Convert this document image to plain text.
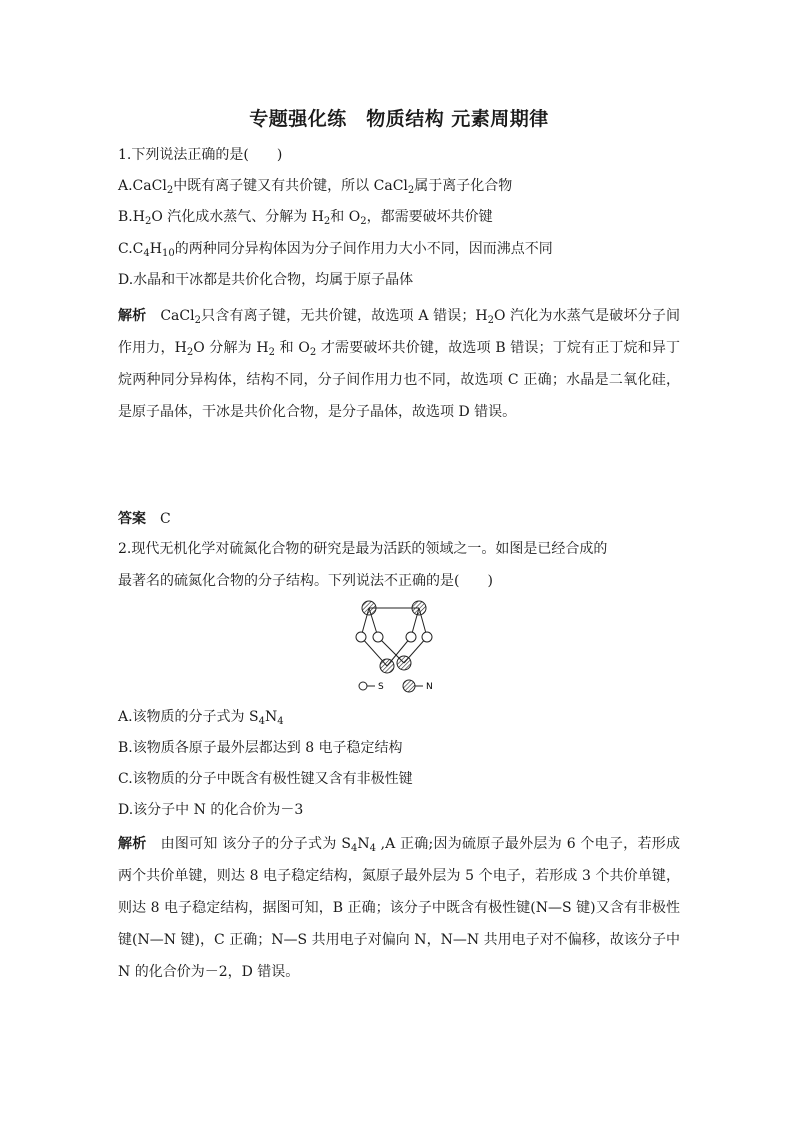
专题强化练　物质结构 元素周期律
1.下列说法正确的是(　　)
A.CaCl$_2$中既有离子键又有共价键，所以 CaCl$_2$属于离子化合物
$B.H_2O$ 汽化成水蒸气、分解为 $H_2$和 $O_2$，都需要破坏共价键
$C.C_4H_{10}$的两种同分异构体因为分子间作用力大小不同，因而沸点不同
D.水晶和干冰都是共价化合物，均属于原子晶体
解析 CaCl$_2$只含有离子键，无共价键，故选项 A 错误；$H_2O$ 汽化为水蒸气是破坏分子间作用力，$H_2O$ 分解为 $H_2$ 和 $O_2$ 才需要破坏共价键，故选项 B 错误；丁烷有正丁烷和异丁烷两种同分异构体，结构不同，分子间作用力也不同，故选项 C 正确；水晶是二氧化硅，是原子晶体，干冰是共价化合物，是分子晶体，故选项 D 错误。
答案 C
2.现代无机化学对硫氮化合物的研究是最为活跃的领域之一。如图是已经合成的
最著名的硫氮化合物的分子结构。下列说法不正确的是(　　)
S	N
A.该物质的分子式为 $S_4N_4$
B.该物质各原子最外层都达到 8 电子稳定结构
C.该物质的分子中既含有极性键又含有非极性键
D.该分子中 N 的化合价为－3
解析 由图可知 该分子的分子式为 $S_4N_4$ ,A 正确;因为硫原子最外层为 6 个电子，若形成两个共价单键，则达 8 电子稳定结构，氮原子最外层为 5 个电子，若形成 3 个共价单键，则达 8 电子稳定结构，据图可知，B 正确；该分子中既含有极性键(N—S 键)又含有非极性键(N—N 键)，C 正确；N—S 共用电子对偏向 N，N—N 共用电子对不偏移，故该分子中 N 的化合价为－2，D 错误。
